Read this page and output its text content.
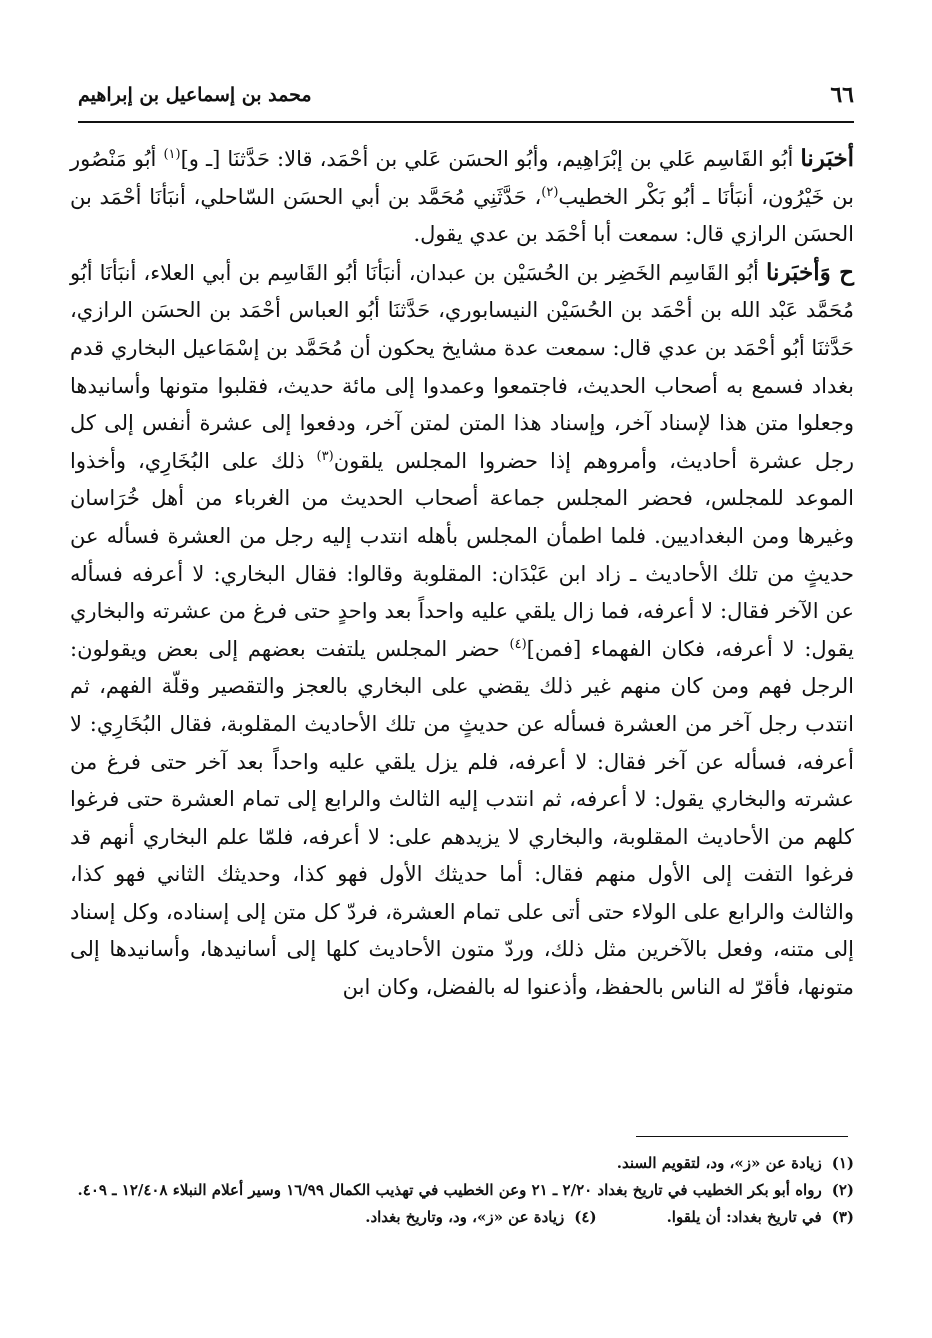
٦٦
محمد بن إسماعيل بن إبراهيم

أخبَرنا أبُو القَاسِم عَلي بن إبْرَاهِيم، وأبُو الحسَن عَلي بن أحْمَد، قالا: حَدَّثنَا [ـ و]$^{(١)}$ أبُو مَنْصُور بن خَيْرُون، أنبَأنَا ـ أبُو بَكْر الخطيب$^{(٢)}$، حَدَّثَنِي مُحَمَّد بن أبي الحسَن السّاحلي، أنبَأنَا أحْمَد بن الحسَن الرازي قال: سمعت أبا أحْمَد بن عدي يقول.

ح وَأخبَرنا أبُو القَاسِم الخَضِر بن الحُسَيْن بن عبدان، أنبَأنَا أبُو القَاسِم بن أبي العلاء، أنبَأنَا أبُو مُحَمَّد عَبْد الله بن أحْمَد بن الحُسَيْن النيسابوري، حَدَّثنَا أبُو العباس أحْمَد بن الحسَن الرازي، حَدَّثنَا أبُو أحْمَد بن عدي قال: سمعت عدة مشايخ يحكون أن مُحَمَّد بن إسْمَاعيل البخاري قدم بغداد فسمع به أصحاب الحديث، فاجتمعوا وعمدوا إلى مائة حديث، فقلبوا متونها وأسانيدها وجعلوا متن هذا لإسناد آخر، وإسناد هذا المتن لمتن آخر، ودفعوا إلى عشرة أنفس إلى كل رجل عشرة أحاديث، وأمروهم إذا حضروا المجلس يلقون$^{(٣)}$ ذلك على البُخَارِي، وأخذوا الموعد للمجلس، فحضر المجلس جماعة أصحاب الحديث من الغرباء من أهل خُرَاسان وغيرها ومن البغداديين. فلما اطمأن المجلس بأهله انتدب إليه رجل من العشرة فسأله عن حديثٍ من تلك الأحاديث ـ زاد ابن عَبْدَان: المقلوبة وقالوا: فقال البخاري: لا أعرفه فسأله عن الآخر فقال: لا أعرفه، فما زال يلقي عليه واحداً بعد واحدٍ حتى فرغ من عشرته والبخاري يقول: لا أعرفه، فكان الفهماء [فمن]$^{(٤)}$ حضر المجلس يلتفت بعضهم إلى بعض ويقولون: الرجل فهم ومن كان منهم غير ذلك يقضي على البخاري بالعجز والتقصير وقلّة الفهم، ثم انتدب رجل آخر من العشرة فسأله عن حديثٍ من تلك الأحاديث المقلوبة، فقال البُخَارِي: لا أعرفه، فسأله عن آخر فقال: لا أعرفه، فلم يزل يلقي عليه واحداً بعد آخر حتى فرغ من عشرته والبخاري يقول: لا أعرفه، ثم انتدب إليه الثالث والرابع إلى تمام العشرة حتى فرغوا كلهم من الأحاديث المقلوبة، والبخاري لا يزيدهم على: لا أعرفه، فلمّا علم البخاري أنهم قد فرغوا التفت إلى الأول منهم فقال: أما حديثك الأول فهو كذا، وحديثك الثاني فهو كذا، والثالث والرابع على الولاء حتى أتى على تمام العشرة، فردّ كل متن إلى إسناده، وكل إسناد إلى متنه، وفعل بالآخرين مثل ذلك، وردّ متون الأحاديث كلها إلى أسانيدها، وأسانيدها إلى متونها، فأقرّ له الناس بالحفظ، وأذعنوا له بالفضل، وكان ابن

(١)
زيادة عن «ز»، ود، لتقويم السند.
(٢)
رواه أبو بكر الخطيب في تاريخ بغداد ٢/٢٠ ـ ٢١ وعن الخطيب في تهذيب الكمال ١٦/٩٩ وسير أعلام النبلاء ١٢/٤٠٨ ـ ٤٠٩.
(٣)
في تاريخ بغداد: أن يلقوا.
(٤)
زيادة عن «ز»، ود، وتاريخ بغداد.
